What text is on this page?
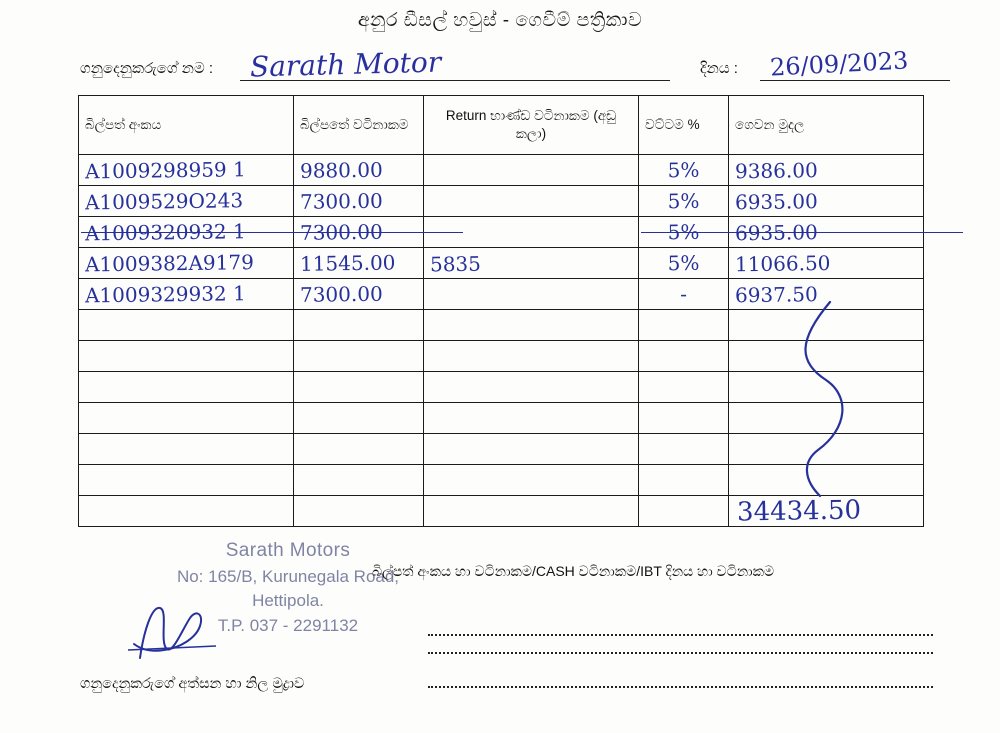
අනුර ඩීසල් හවුස් - ගෙවීම් පත්‍රිකාව
ගනුදෙනුකරුගේ නම : Sarath Motor	දිනය : 26/09/2023
බිල්පත් අංකය	බිල්පතේ වටිනාකම	Return භාණ්ඩ වටිනාකම (අඩු කලා)	වට්ටම %	ගෙවන මුදල

A1009298959 1	9880.00		5%	9386.00

A1009529O243	7300.00		5%	6935.00

A1009320932 1	7300.00		5%	6935.00

A1009382A9179	11545.00	5835	5%	11066.50

A1009329932 1	7300.00		-	6937.50

				34434.50
Sarath Motors
No: 165/B, Kurunegala Road,
Hettipola.
T.P. 037 - 2291132
බිල්පත් අංකය හා වටිනාකම/CASH වටිනාකම/IBT දිනය හා වටිනාකම
ගනුදෙනුකරුගේ අත්සන හා නිල මුද්‍රාව
